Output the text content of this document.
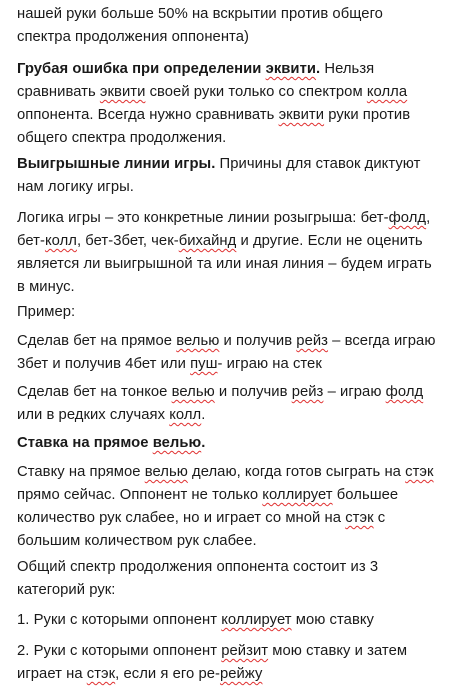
нашей руки больше 50% на вскрытии против общего
спектра продолжения оппонента)
Грубая ошибка при определении эквити. Нельзя
сравнивать эквити своей руки только со спектром колла
оппонента. Всегда нужно сравнивать эквити руки против
общего спектра продолжения.
Выигрышные линии игры. Причины для ставок диктуют
нам логику игры.
Логика игры – это конкретные линии розыгрыша: бет-фолд,
бет-колл, бет-3бет, чек-бихайнд и другие. Если не оценить
является ли выигрышной та или иная линия – будем играть
в минус.
Пример:
Сделав бет на прямое велью и получив рейз – всегда играю
3бет и получив 4бет или пуш- играю на стек
Сделав бет на тонкое велью и получив рейз – играю фолд
или в редких случаях колл.
Ставка на прямое велью.
Ставку на прямое велью делаю, когда готов сыграть на стэк
прямо сейчас. Оппонент не только коллирует большее
количество рук слабее, но и играет со мной на стэк с
большим количеством рук слабее.
Общий спектр продолжения оппонента состоит из 3
категорий рук:
1. Руки с которыми оппонент коллирует мою ставку
2. Руки с которыми оппонент рейзит мою ставку и затем
играет на стэк, если я его ре-рейжу
